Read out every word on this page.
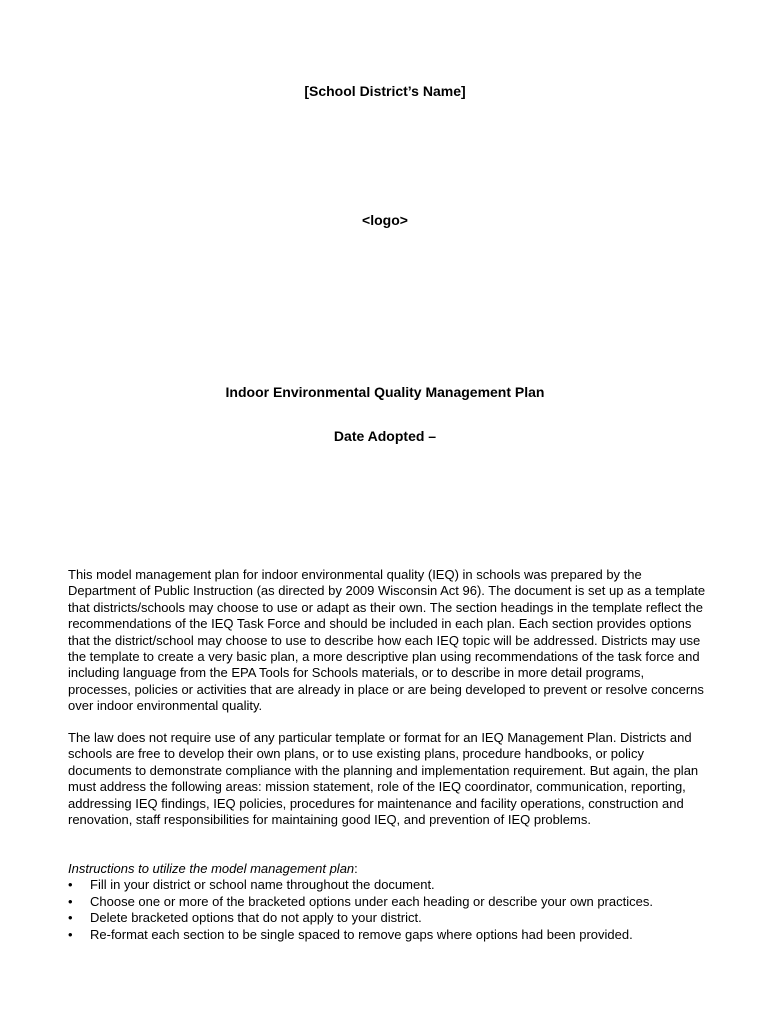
[School District’s Name]
<logo>
Indoor Environmental Quality Management Plan
Date Adopted –

This model management plan for indoor environmental quality (IEQ) in schools was prepared by the Department of Public Instruction (as directed by 2009 Wisconsin Act 96). The document is set up as a template that districts/schools may choose to use or adapt as their own. The section headings in the template reflect the recommendations of the IEQ Task Force and should be included in each plan. Each section provides options that the district/school may choose to use to describe how each IEQ topic will be addressed. Districts may use the template to create a very basic plan, a more descriptive plan using recommendations of the task force and including language from the EPA Tools for Schools materials, or to describe in more detail programs, processes, policies or activities that are already in place or are being developed to prevent or resolve concerns over indoor environmental quality.

The law does not require use of any particular template or format for an IEQ Management Plan. Districts and schools are free to develop their own plans, or to use existing plans, procedure handbooks, or policy documents to demonstrate compliance with the planning and implementation requirement. But again, the plan must address the following areas: mission statement, role of the IEQ coordinator, communication, reporting, addressing IEQ findings, IEQ policies, procedures for maintenance and facility operations, construction and renovation, staff responsibilities for maintaining good IEQ, and prevention of IEQ problems.

Instructions to utilize the model management plan:

• Fill in your district or school name throughout the document.
• Choose one or more of the bracketed options under each heading or describe your own practices.
• Delete bracketed options that do not apply to your district.
• Re-format each section to be single spaced to remove gaps where options had been provided.
